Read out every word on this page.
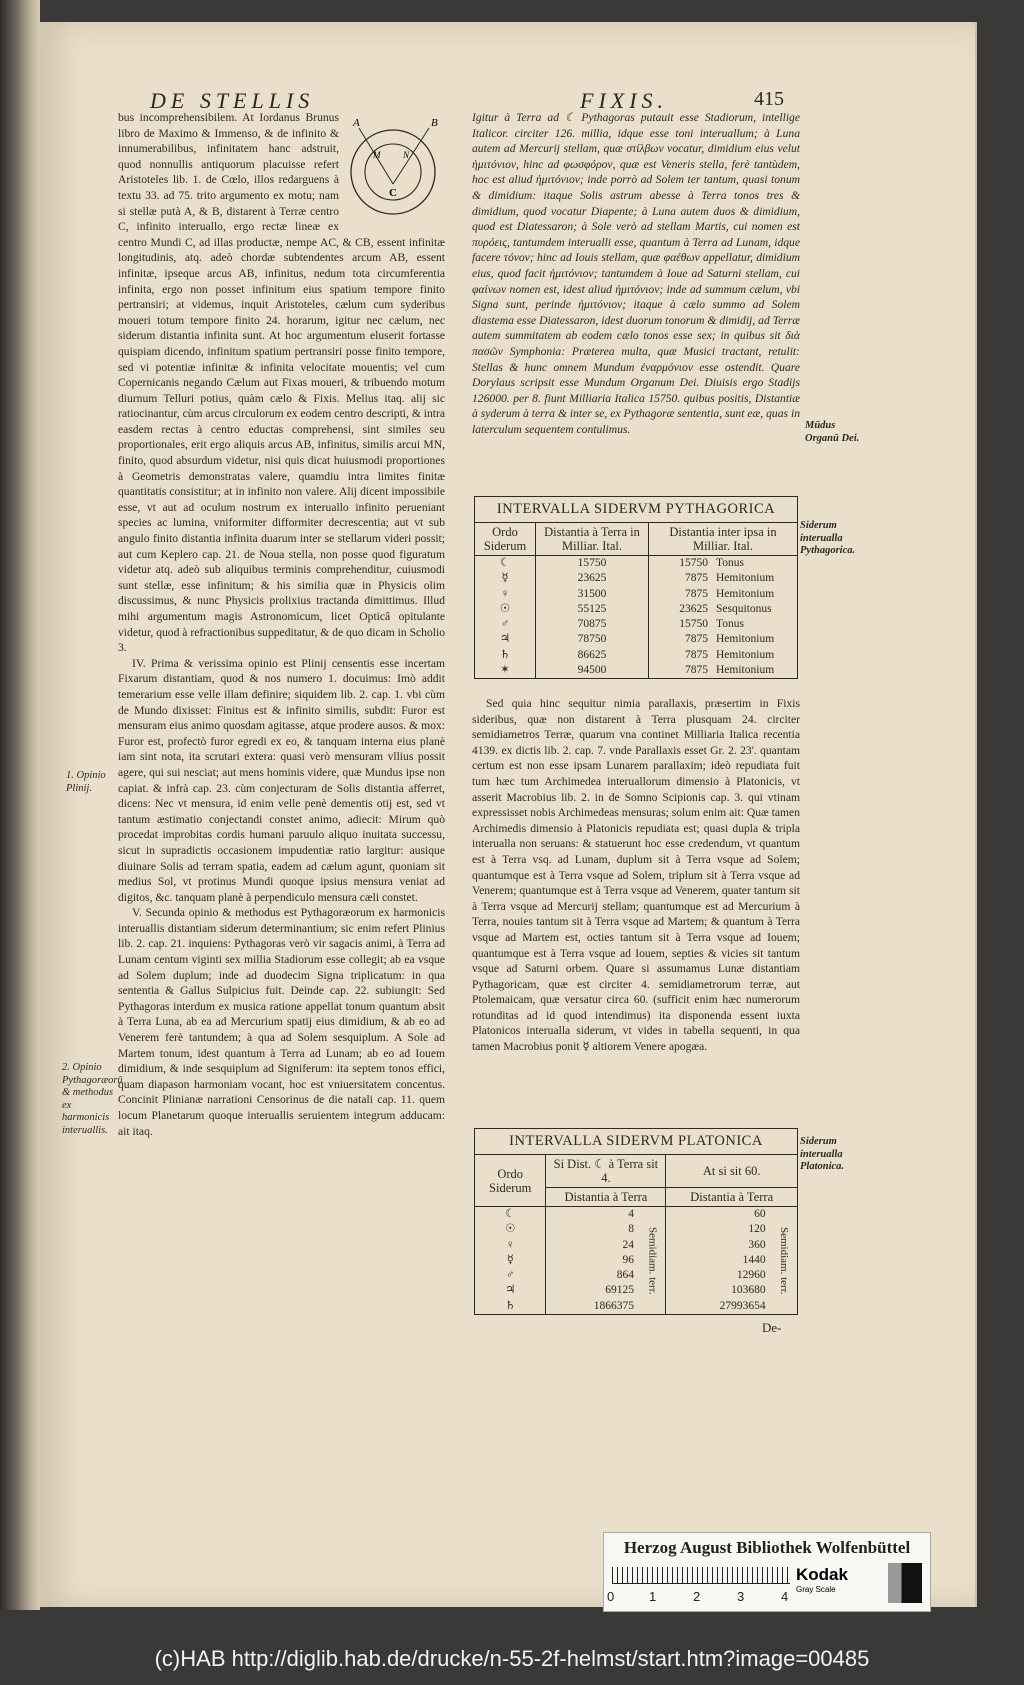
DE STELLIS	FIXIS.	415
A	B
M	N
C

bus incomprehensibilem. At Iordanus Brunus libro de Maximo & Immenso, & de infinito & innumerabilibus, infinitatem hanc adstruit, quod nonnullis antiquorum placuisse refert Aristoteles lib. 1. de Cœlo, illos redarguens à textu 33. ad 75. trito argumento ex motu; nam si stellæ putà A, & B, distarent à Terræ centro C, infinito interuallo, ergo rectæ lineæ ex centro Mundi C, ad illas productæ, nempe AC, & CB, essent infinitæ longitudinis, atq. adeò chordæ subtendentes arcum AB, essent infinitæ, ipseque arcus AB, infinitus, nedum tota circumferentia infinita, ergo non posset infinitum eius spatium tempore finito pertransiri; at videmus, inquit Aristoteles, cælum cum syderibus moueri totum tempore finito 24. horarum, igitur nec cælum, nec siderum distantia infinita sunt. At hoc argumentum eluserit fortasse quispiam dicendo, infinitum spatium pertransiri posse finito tempore, sed vi potentiæ infinitæ & infinita velocitate mouentis; vel cum Copernicanis negando Cælum aut Fixas moueri, & tribuendo motum diurnum Telluri potius, quàm cælo & Fixis. Melius itaq. alij sic ratiocinantur, cùm arcus circulorum ex eodem centro descripti, & intra easdem rectas à centro eductas comprehensi, sint similes seu proportionales, erit ergo aliquis arcus AB, infinitus, similis arcui MN, finito, quod absurdum videtur, nisi quis dicat huiusmodi proportiones à Geometris demonstratas valere, quamdiu intra limites finitæ quantitatis consistitur; at in infinito non valere. Alij dicent impossibile esse, vt aut ad oculum nostrum ex interuallo infinito perueniant species ac lumina, vniformiter difformiter decrescentia; aut vt sub angulo finito distantia infinita duarum inter se stellarum videri possit; aut cum Keplero cap. 21. de Noua stella, non posse quod figuratum videtur atq. adeò sub aliquibus terminis comprehenditur, cuiusmodi sunt stellæ, esse infinitum; & his similia quæ in Physicis olim discussimus, & nunc Physicis prolixius tractanda dimittimus. Illud mihi argumentum magis Astronomicum, licet Opticâ opitulante videtur, quod à refractionibus suppeditatur, & de quo dicam in Scholio 3.

IV. Prima & verissima opinio est Plinij censentis esse incertam Fixarum distantiam, quod & nos numero 1. docuimus: Imò addit temerarium esse velle illam definire; siquidem lib. 2. cap. 1. vbi cùm de Mundo dixisset: Finitus est & infinito similis, subdit: Furor est mensuram eius animo quosdam agitasse, atque prodere ausos. & mox: Furor est, profectò furor egredi ex eo, & tanquam interna eius planè iam sint nota, ita scrutari extera: quasi verò mensuram vllius possit agere, qui sui nesciat; aut mens hominis videre, quæ Mundus ipse non capiat. & infrà cap. 23. cùm conjecturam de Solis distantia afferret, dicens: Nec vt mensura, id enim velle penè dementis otij est, sed vt tantum æstimatio conjectandi constet animo, adiecit: Mirum quò procedat improbitas cordis humani paruulo aliquo inuitata successu, sicut in supradictis occasionem impudentiæ ratio largitur: ausique diuinare Solis ad terram spatia, eadem ad cælum agunt, quoniam sit medius Sol, vt protinus Mundi quoque ipsius mensura veniat ad digitos, &c. tanquam planè à perpendiculo mensura cæli constet.

V. Secunda opinio & methodus est Pythagoræorum ex harmonicis interuallis distantiam siderum determinantium; sic enim refert Plinius lib. 2. cap. 21. inquiens: Pythagoras verò vir sagacis animi, à Terra ad Lunam centum viginti sex millia Stadiorum esse collegit; ab ea vsque ad Solem duplum; inde ad duodecim Signa triplicatum: in qua sententia & Gallus Sulpicius fuit. Deinde cap. 22. subiungit: Sed Pythagoras interdum ex musica ratione appellat tonum quantum absit à Terra Luna, ab ea ad Mercurium spatij eius dimidium, & ab eo ad Venerem ferè tantundem; à qua ad Solem sesquiplum. A Sole ad Martem tonum, idest quantum à Terra ad Lunam; ab eo ad Iouem dimidium, & inde sesquiplum ad Signiferum: ita septem tonos effici, quam diapason harmoniam vocant, hoc est vniuersitatem concentus. Concinit Plinianæ narrationi Censorinus de die natali cap. 11. quem locum Planetarum quoque interuallis seruientem integrum adducam: ait itaq.

1. Opinio Plinij.
2. Opinio Pythagoræorū & methodus ex harmonicis interuallis.
Mūdus Organū Dei.
Siderum interualla Pythagorica.
Siderum interualla Platonica.

Igitur à Terra ad ☾ Pythagoras putauit esse Stadiorum, intellige Italicor. circiter 126. millia, idque esse toni interuallum; à Luna autem ad Mercurij stellam, quæ στίλβων vocatur, dimidium eius velut ἡμιτόνιον, hinc ad φωσφόρον, quæ est Veneris stella, ferè tantùdem, hoc est aliud ἡμιτόνιον; inde porrò ad Solem ter tantum, quasi tonum & dimidium: itaque Solis astrum abesse à Terra tonos tres & dimidium, quod vocatur Diapente; à Luna autem duos & dimidium, quod est Diatessaron; à Sole verò ad stellam Martis, cui nomen est πυρόεις, tantumdem interualli esse, quantum à Terra ad Lunam, idque facere τόνον; hinc ad Iouis stellam, quæ φαέθων appellatur, dimidium eius, quod facit ἡμιτόνιον; tantumdem à Ioue ad Saturni stellam, cui φαίνων nomen est, idest aliud ἡμιτόνιον; inde ad summum cælum, vbi Signa sunt, perinde ἡμιτόνιον; itaque à cælo summo ad Solem diastema esse Diatessaron, idest duorum tonorum & dimidij, ad Terræ autem summitatem ab eodem cælo tonos esse sex; in quibus sit διὰ πασῶν Symphonia: Præterea multa, quæ Musici tractant, retulit: Stellas & hunc omnem Mundum ἐναρμόνιον esse ostendit. Quare Dorylaus scripsit esse Mundum Organum Dei. Diuisis ergo Stadijs 126000. per 8. fiunt Milliaria Italica 15750. quibus positis, Distantiæ à syderum à terra & inter se, ex Pythagoræ sententia, sunt eæ, quas in laterculum sequentem contulimus.

INTERVALLA SIDERVM PYTHAGORICA
Ordo Siderum	Distantia à Terra in Milliar. Ital.	Distantia inter ipsa in Milliar. Ital.	
☾	15750	15750	Tonus
☿	23625	7875	Hemitonium
♀	31500	7875	Hemitonium
☉	55125	23625	Sesquitonus
♂	70875	15750	Tonus
♃	78750	7875	Hemitonium
♄	86625	7875	Hemitonium
✶	94500	7875	Hemitonium

Sed quia hinc sequitur nimia parallaxis, præsertim in Fixis sideribus, quæ non distarent à Terra plusquam 24. circiter semidiametros Terræ, quarum vna continet Milliaria Italica recentia 4139. ex dictis lib. 2. cap. 7. vnde Parallaxis esset Gr. 2. 23'. quantam certum est non esse ipsam Lunarem parallaxim; ideò repudiata fuit tum hæc tum Archimedea interuallorum dimensio à Platonicis, vt asserit Macrobius lib. 2. in de Somno Scipionis cap. 3. qui vtinam expressisset nobis Archimedeas mensuras; solum enim ait: Quæ tamen Archimedis dimensio à Platonicis repudiata est; quasi dupla & tripla interualla non seruans: & statuerunt hoc esse credendum, vt quantum est à Terra vsq. ad Lunam, duplum sit à Terra vsque ad Solem; quantumque est à Terra vsque ad Solem, triplum sit à Terra vsque ad Venerem; quantumque est à Terra vsque ad Venerem, quater tantum sit à Terra vsque ad Mercurij stellam; quantumque est ad Mercurium à Terra, nouies tantum sit à Terra vsque ad Martem; & quantum à Terra vsque ad Martem est, octies tantum sit à Terra vsque ad Iouem; quantumque est à Terra vsque ad Iouem, septies & vicies sit tantum vsque ad Saturni orbem. Quare si assumamus Lunæ distantiam Pythagoricam, quæ est circiter 4. semidiametrorum terræ, aut Ptolemaicam, quæ versatur circa 60. (sufficit enim hæc numerorum rotunditas ad id quod intendimus) ita disponenda essent iuxta Platonicos interualla siderum, vt vides in tabella sequenti, in qua tamen Macrobius ponit ☿ altiorem Venere apogæa.

INTERVALLA SIDERVM PLATONICA
Ordo Siderum	Si Dist. ☾ à Terra sit 4.		At si sit 60.	
	Distantia à Terra		Distantia à Terra	
☾	4	Semidiam. terr.	60	Semidiam. terr.
☉	8		120	
♀	24		360	
☿	96		1440	
♂	864		12960	
♃	69125		103680	
♄	1866375		27993654	
De-
Herzog August Bibliothek Wolfenbüttel
0	1	2	3	4
Kodak
Gray Scale
(c)HAB http://diglib.hab.de/drucke/n-55-2f-helmst/start.htm?image=00485
